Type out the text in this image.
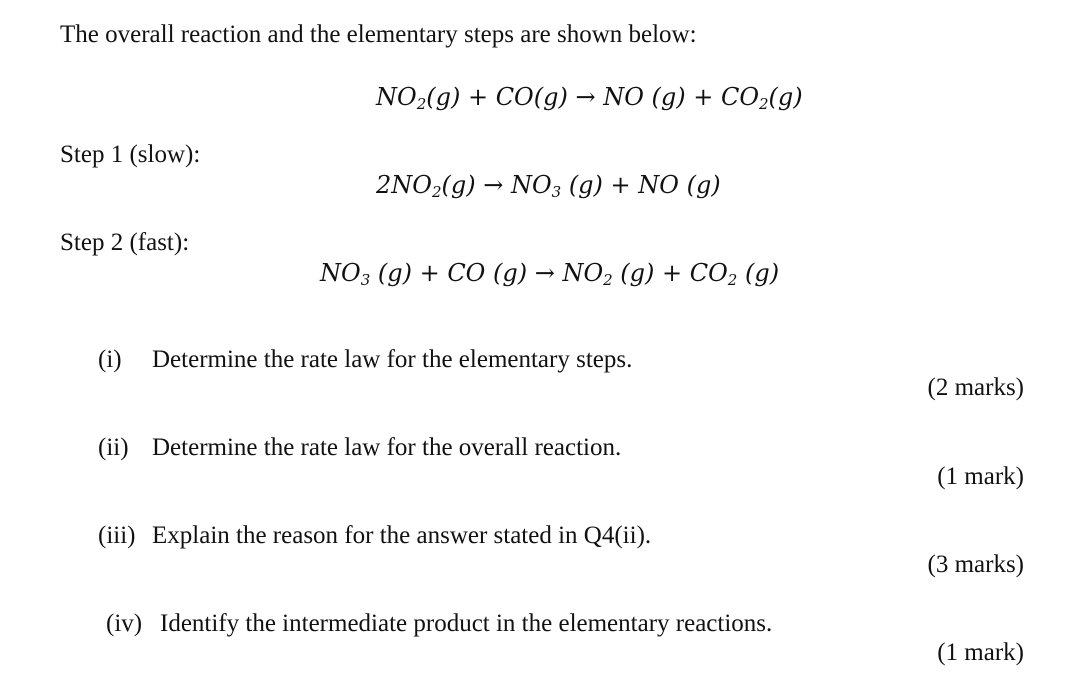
The overall reaction and the elementary steps are shown below:
$NO_2(g) + CO(g)$ → NO $(g) + CO_2(g)$
Step 1 (slow):
$2NO_2(g) \to NO_3$ (g) + NO (g)
Step 2 (fast):
$NO_3$ (g) + CO $(g) \to NO_2$ $(g) + CO_2$ (g)
(i) Determine the rate law for the elementary steps.
(2 marks)
(ii) Determine the rate law for the overall reaction.
(1 mark)
(iii) Explain the reason for the answer stated in Q4(ii).
(3 marks)
(iv) Identify the intermediate product in the elementary reactions.
(1 mark)
